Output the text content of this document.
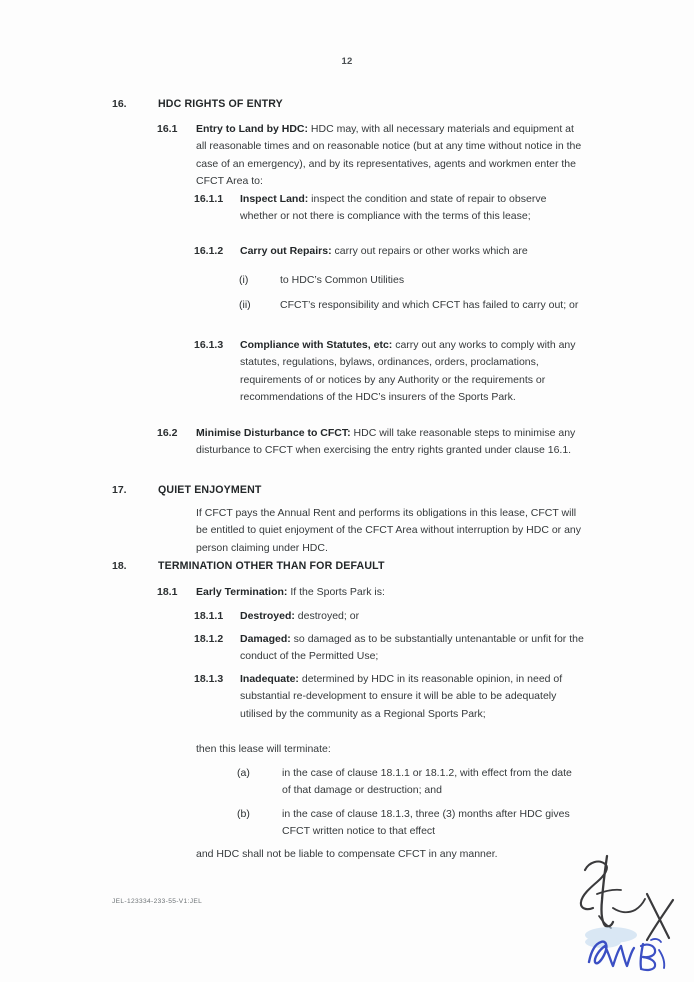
12
16.	HDC RIGHTS OF ENTRY
16.1	Entry to Land by HDC: HDC may, with all necessary materials and equipment at all reasonable times and on reasonable notice (but at any time without notice in the case of an emergency), and by its representatives, agents and workmen enter the CFCT Area to:
16.1.1	Inspect Land: inspect the condition and state of repair to observe whether or not there is compliance with the terms of this lease;
16.1.2	Carry out Repairs: carry out repairs or other works which are
(i)	to HDC’s Common Utilities
(ii)	CFCT’s responsibility and which CFCT has failed to carry out; or
16.1.3	Compliance with Statutes, etc: carry out any works to comply with any statutes, regulations, bylaws, ordinances, orders, proclamations, requirements of or notices by any Authority or the requirements or recommendations of the HDC’s insurers of the Sports Park.
16.2	Minimise Disturbance to CFCT: HDC will take reasonable steps to minimise any disturbance to CFCT when exercising the entry rights granted under clause 16.1.
17.	QUIET ENJOYMENT
If CFCT pays the Annual Rent and performs its obligations in this lease, CFCT will be entitled to quiet enjoyment of the CFCT Area without interruption by HDC or any person claiming under HDC.
18.	TERMINATION OTHER THAN FOR DEFAULT
18.1	Early Termination: If the Sports Park is:
18.1.1	Destroyed: destroyed; or
18.1.2	Damaged: so damaged as to be substantially untenantable or unfit for the conduct of the Permitted Use;
18.1.3	Inadequate: determined by HDC in its reasonable opinion, in need of substantial re-development to ensure it will be able to be adequately utilised by the community as a Regional Sports Park;
then this lease will terminate:
(a)	in the case of clause 18.1.1 or 18.1.2, with effect from the date of that damage or destruction; and
(b)	in the case of clause 18.1.3, three (3) months after HDC gives CFCT written notice to that effect
and HDC shall not be liable to compensate CFCT in any manner.
JEL-123334-233-55-V1:JEL
